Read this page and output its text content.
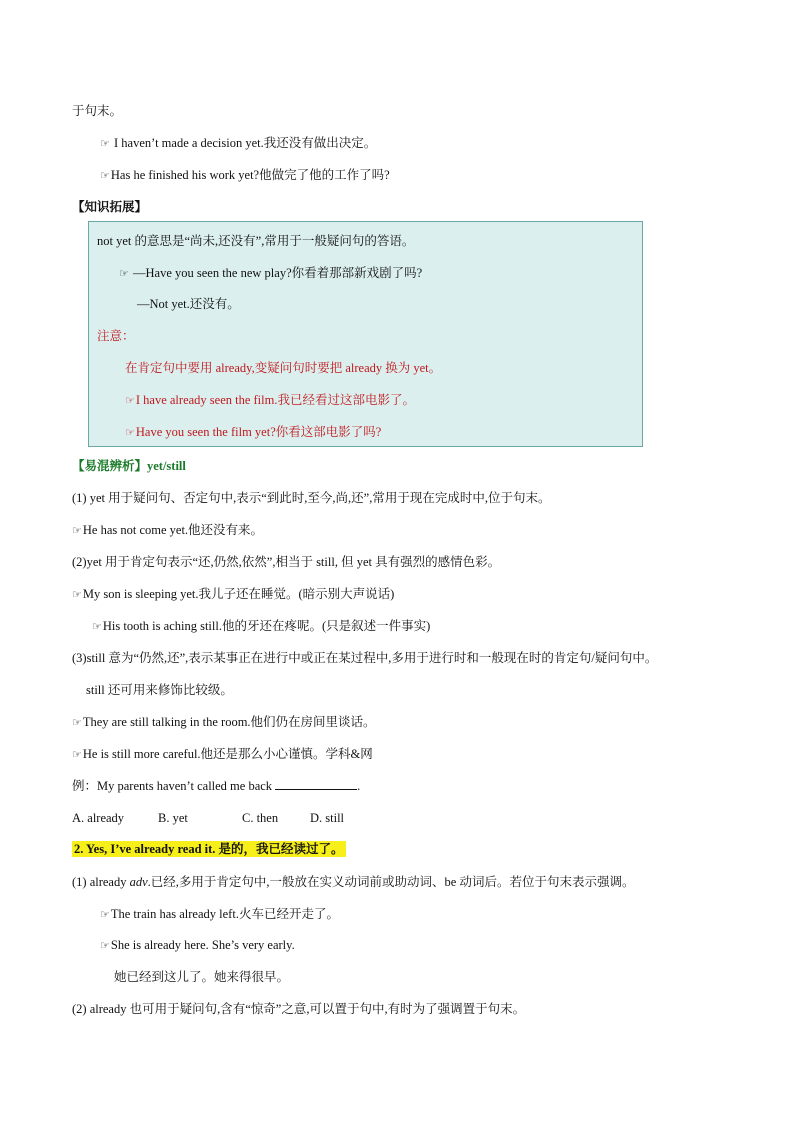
于句末。
☞ I haven’t made a decision yet.我还没有做出决定。
☞Has he finished his work yet?他做完了他的工作了吗?
【知识拓展】
not yet 的意思是“尚未,还没有”,常用于一般疑问句的答语。
☞ —Have you seen the new play?你看着那部新戏剧了吗?
—Not yet.还没有。
注意：
在肯定句中要用 already,变疑问句时要把 already 换为 yet。
☞I have already seen the film.我已经看过这部电影了。
☞Have you seen the film yet?你看这部电影了吗?
【易混辨析】yet/still
(1) yet 用于疑问句、否定句中,表示“到此时,至今,尚,还”,常用于现在完成时中,位于句末。
☞He has not come yet.他还没有来。
(2)yet 用于肯定句表示“还,仍然,依然”,相当于 still, 但 yet 具有强烈的感情色彩。
☞My son is sleeping yet.我儿子还在睡觉。(暗示别大声说话)
☞His tooth is aching still.他的牙还在疼呢。(只是叙述一件事实)
(3)still 意为“仍然,还”,表示某事正在进行中或正在某过程中,多用于进行时和一般现在时的肯定句/疑问句中。
still 还可用来修饰比较级。
☞They are still talking in the room.他们仍在房间里谈话。
☞He is still more careful.他还是那么小心谨慎。学科&网
例：My parents haven’t called me back	.
A. already	B. yet	C. then	D. still
2. Yes, I’ve already read it. 是的，我已经读过了。
(1) already adv.已经,多用于肯定句中,一般放在实义动词前或助动词、be 动词后。若位于句末表示强调。
☞The train has already left.火车已经开走了。
☞She is already here. She’s very early.
她已经到这儿了。她来得很早。
(2) already 也可用于疑问句,含有“惊奇”之意,可以置于句中,有时为了强调置于句末。
